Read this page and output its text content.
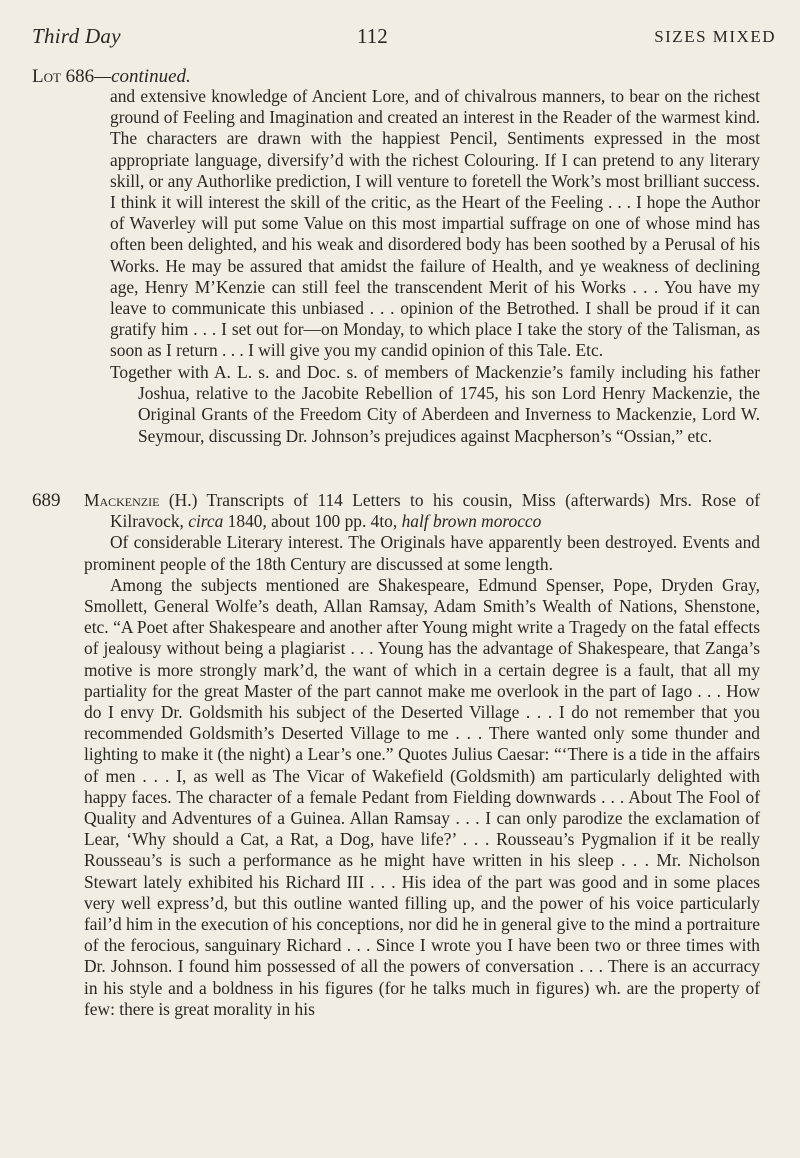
Third Day	112	SIZES MIXED
Lot 686—continued.

and extensive knowledge of Ancient Lore, and of chivalrous manners, to bear on the richest ground of Feeling and Imagination and created an interest in the Reader of the warmest kind. The characters are drawn with the happiest Pencil, Sentiments expressed in the most appropriate language, diversify’d with the richest Colouring. If I can pretend to any literary skill, or any Authorlike prediction, I will venture to foretell the Work’s most brilliant success. I think it will interest the skill of the critic, as the Heart of the Feeling . . . I hope the Author of Waverley will put some Value on this most impartial suffrage on one of whose mind has often been delighted, and his weak and disordered body has been soothed by a Perusal of his Works. He may be assured that amidst the failure of Health, and ye weakness of declining age, Henry M’Kenzie can still feel the transcendent Merit of his Works . . . You have my leave to communicate this unbiased . . . opinion of the Betrothed. I shall be proud if it can gratify him . . . I set out for—on Monday, to which place I take the story of the Talisman, as soon as I return . . . I will give you my candid opinion of this Tale. Etc.

Together with A. L. s. and Doc. s. of members of Mackenzie’s family including his father Joshua, relative to the Jacobite Rebellion of 1745, his son Lord Henry Mackenzie, the Original Grants of the Freedom City of Aberdeen and Inverness to Mackenzie, Lord W. Seymour, discussing Dr. Johnson’s prejudices against Macpherson’s “Ossian,” etc.

689 Mackenzie (H.) Transcripts of 114 Letters to his cousin, Miss (afterwards) Mrs. Rose of Kilravock, circa 1840, about 100 pp. 4to, half brown morocco

Of considerable Literary interest. The Originals have apparently been destroyed. Events and prominent people of the 18th Century are discussed at some length.

Among the subjects mentioned are Shakespeare, Edmund Spenser, Pope, Dryden Gray, Smollett, General Wolfe’s death, Allan Ramsay, Adam Smith’s Wealth of Nations, Shenstone, etc. “A Poet after Shakespeare and another after Young might write a Tragedy on the fatal effects of jealousy without being a plagiarist . . . Young has the advantage of Shakespeare, that Zanga’s motive is more strongly mark’d, the want of which in a certain degree is a fault, that all my partiality for the great Master of the part cannot make me overlook in the part of Iago . . . How do I envy Dr. Goldsmith his subject of the Deserted Village . . . I do not remember that you recommended Goldsmith’s Deserted Village to me . . . There wanted only some thunder and lighting to make it (the night) a Lear’s one.” Quotes Julius Caesar: “‘There is a tide in the affairs of men . . . I, as well as The Vicar of Wakefield (Goldsmith) am particularly delighted with happy faces. The character of a female Pedant from Fielding downwards . . . About The Fool of Quality and Adventures of a Guinea. Allan Ramsay . . . I can only parodize the exclamation of Lear, ‘Why should a Cat, a Rat, a Dog, have life?’ . . . Rousseau’s Pygmalion if it be really Rousseau’s is such a performance as he might have written in his sleep . . . Mr. Nicholson Stewart lately exhibited his Richard III . . . His idea of the part was good and in some places very well express’d, but this outline wanted filling up, and the power of his voice particularly fail’d him in the execution of his conceptions, nor did he in general give to the mind a portraiture of the ferocious, sanguinary Richard . . . Since I wrote you I have been two or three times with Dr. Johnson. I found him possessed of all the powers of conversation . . . There is an accurracy in his style and a boldness in his figures (for he talks much in figures) wh. are the property of few: there is great morality in his
